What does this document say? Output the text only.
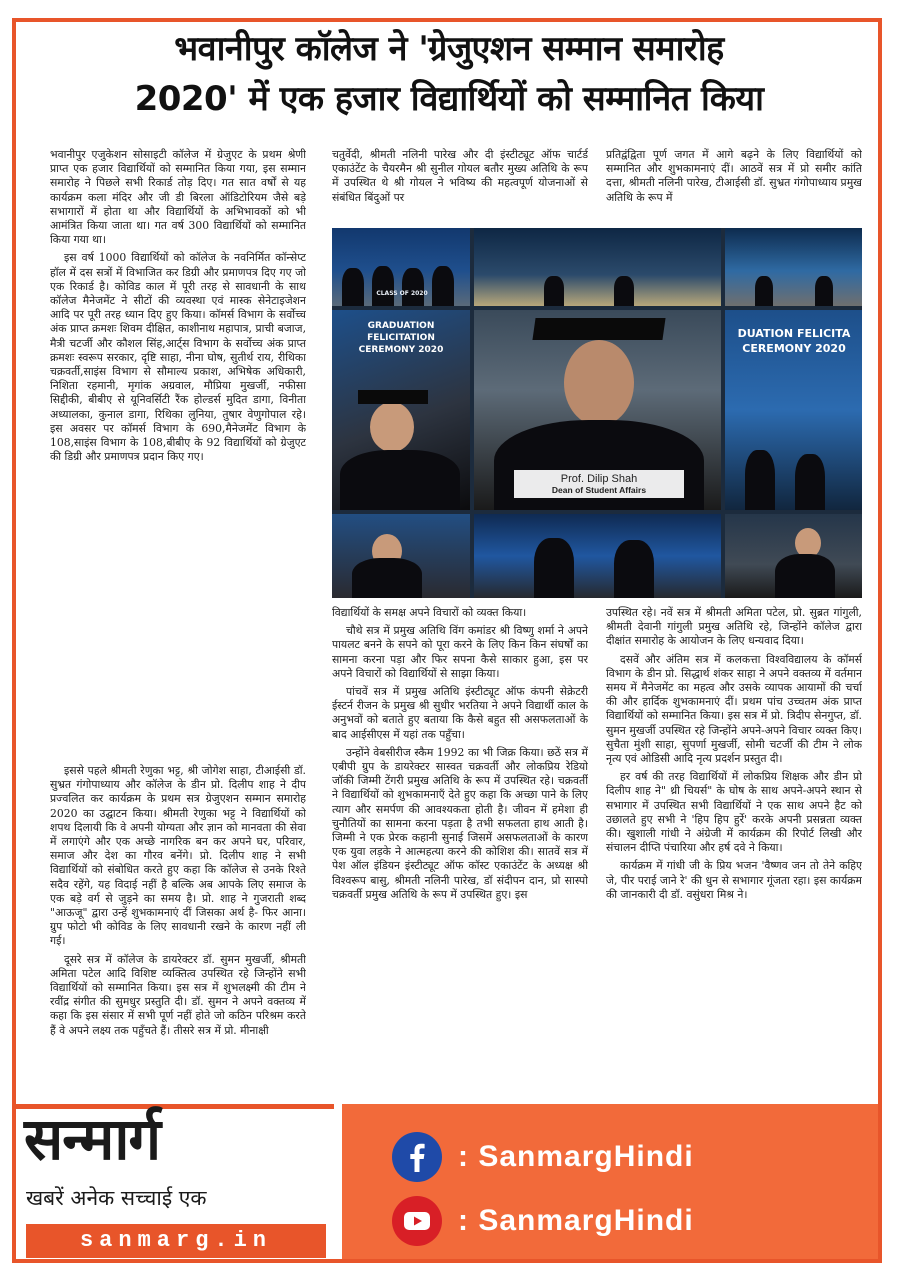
भवानीपुर कॉलेज ने 'ग्रेजुएशन सम्मान समारोह
2020' में एक हजार विद्यार्थियों को सम्मानित किया

भवानीपुर एजुकेशन सोसाइटी कॉलेज में ग्रेजुएट के प्रथम श्रेणी प्राप्त एक हजार विद्यार्थियों को सम्मानित किया गया, इस सम्मान समारोह ने पिछले सभी रिकार्ड तोड़ दिए। गत सात वर्षों से यह कार्यक्रम कला मंदिर और जी डी बिरला ऑडिटोरियम जैसे बड़े सभागारों में होता था और विद्यार्थियों के अभिभावकों को भी आमंत्रित किया जाता था। गत वर्ष 300 विद्यार्थियों को सम्मानित किया गया था।

इस वर्ष 1000 विद्यार्थियों को कॉलेज के नवनिर्मित कॉन्सेप्ट हॉल में दस सत्रों में विभाजित कर डिग्री और प्रमाणपत्र दिए गए जो एक रिकार्ड है। कोविड काल में पूरी तरह से सावधानी के साथ कॉलेज मैनेजमेंट ने सीटों की व्यवस्था एवं मास्क सेनेटाइजेशन आदि पर पूरी तरह ध्यान दिए हुए किया। कॉमर्स विभाग के सर्वोच्च अंक प्राप्त क्रमशः शिवम दीक्षित, काशीनाथ महापात्र, प्राची बजाज, मैत्री चटर्जी और कौशल सिंह,आर्ट्स विभाग के सर्वोच्च अंक प्राप्त क्रमशः स्वरूप सरकार, दृष्टि साहा, नीना घोष, सुतीर्थ राय, रीथिका चक्रवर्ती,साइंस विभाग से सौमाल्य प्रकाश, अभिषेक अधिकारी, निशिता रहमानी, मृगांक अग्रवाल, मौप्रिया मुखर्जी, नफीसा सिद्दीकी, बीबीए से यूनिवर्सिटी रैंक होल्डर्स मुदित डागा, विनीता अध्यालका, कुनाल डागा, रिथिका लुनिया, तुषार वेणुगोपाल रहे। इस अवसर पर कॉमर्स विभाग के 690,मैनेजमेंट विभाग के 108,साइंस विभाग के 108,बीबीए के 92 विद्यार्थियों को ग्रेजुएट की डिग्री और प्रमाणपत्र प्रदान किए गए।

इससे पहले श्रीमती रेणुका भट्ट, श्री जोगेश साहा, टीआईसी डॉ. सुभ्रत गंगोपाध्याय और कॉलेज के डीन प्रो. दिलीप शाह ने दीप प्रज्वलित कर कार्यक्रम के प्रथम सत्र ग्रेजुएशन सम्मान समारोह 2020 का उद्घाटन किया। श्रीमती रेणुका भट्ट ने विद्यार्थियों को शपथ दिलायी कि वे अपनी योग्यता और ज्ञान को मानवता की सेवा में लगाएंगे और एक अच्छे नागरिक बन कर अपने घर, परिवार, समाज और देश का गौरव बनेंगे। प्रो. दिलीप शाह ने सभी विद्यार्थियों को संबोधित करते हुए कहा कि कॉलेज से उनके रिश्ते सदैव रहेंगे, यह विदाई नहीं है बल्कि अब आपके लिए समाज के एक बड़े वर्ग से जुड़ने का समय है। प्रो. शाह ने गुजराती शब्द "आऊजू" द्वारा उन्हें शुभकामनाएं दीं जिसका अर्थ है- फिर आना। ग्रुप फोटो भी कोविड के लिए सावधानी रखने के कारण नहीं ली गई।

दूसरे सत्र में कॉलेज के डायरेक्टर डॉ. सुमन मुखर्जी, श्रीमती अमिता पटेल आदि विशिष्ट व्यक्तित्व उपस्थित रहे जिन्होंने सभी विद्यार्थियों को सम्मानित किया। इस सत्र में शुभलक्ष्मी की टीम ने रवींद्र संगीत की सुमधुर प्रस्तुति दी। डॉ. सुमन ने अपने वक्तव्य में कहा कि इस संसार में सभी पूर्ण नहीं होते जो कठिन परिश्रम करते हैं वे अपने लक्ष्य तक पहुँचते हैं। तीसरे सत्र में प्रो. मीनाक्षी

चतुर्वेदी, श्रीमती नलिनी पारेख और दी इंस्टीट्यूट ऑफ चार्टर्ड एकाउंटेंट के चैयरमैन श्री सुनील गोयल बतौर मुख्य अतिथि के रूप में उपस्थित थे श्री गोयल ने भविष्य की महत्वपूर्ण योजनाओं से संबंधित बिंदुओं पर

प्रतिद्वंद्विता पूर्ण जगत में आगे बढ़ने के लिए विद्यार्थियों को सम्मानित और शुभकामनाएं दीं। आठवें सत्र में प्रो समीर कांति दत्ता, श्रीमती नलिनी पारेख, टीआईसी डॉ. सुभ्रत गंगोपाध्याय प्रमुख अतिथि के रूप में

CLASS OF 2020
GRADUATION FELICITATION CEREMONY 2020
Prof. Dilip Shah
Dean of Student Affairs
DUATION FELICITA CEREMONY 2020

विद्यार्थियों के समक्ष अपने विचारों को व्यक्त किया।

चौथे सत्र में प्रमुख अतिथि विंग कमांडर श्री विष्णु शर्मा ने अपने पायलट बनने के सपने को पूरा करने के लिए किन किन संघर्षों का सामना करना पड़ा और फिर सपना कैसे साकार हुआ, इस पर अपने विचारों को विद्यार्थियों से साझा किया।

पांचवें सत्र में प्रमुख अतिथि इंस्टीट्यूट ऑफ कंपनी सेक्रेटरी ईस्टर्न रीजन के प्रमुख श्री सुधीर भरतिया ने अपने विद्यार्थी काल के अनुभवों को बताते हुए बताया कि कैसे बहुत सी असफलताओं के बाद आईसीएस में यहां तक पहुँचा।

उन्होंने वेबसीरीज स्कैम 1992 का भी जिक्र किया। छठें सत्र में एबीपी ग्रुप के डायरेक्टर सास्वत चक्रवर्ती और लोकप्रिय रेडियो जॉकी जिम्मी टेंगरी प्रमुख अतिथि के रूप में उपस्थित रहे। चक्रवर्ती ने विद्यार्थियों को शुभकामनाएँ देते हुए कहा कि अच्छा पाने के लिए त्याग और समर्पण की आवश्यकता होती है। जीवन में हमेशा ही चुनौतियों का सामना करना पड़ता है तभी सफलता हाथ आती है। जिम्मी ने एक प्रेरक कहानी सुनाई जिसमें असफलताओं के कारण एक युवा लड़के ने आत्महत्या करने की कोशिश की। सातवें सत्र में पेश ऑल इंडियन इंस्टीट्यूट ऑफ कॉस्ट एकाउंटेंट के अध्यक्ष श्री विश्वरूप बासु, श्रीमती नलिनी पारेख, डॉ संदीपन दान, प्रो सास्पो चक्रवर्ती प्रमुख अतिथि के रूप में उपस्थित हुए। इस

उपस्थित रहे। नवें सत्र में श्रीमती अमिता पटेल, प्रो. सुब्रत गांगुली, श्रीमती देवानी गांगुली प्रमुख अतिथि रहे, जिन्होंने कॉलेज द्वारा दीक्षांत समारोह के आयोजन के लिए धन्यवाद दिया।

दसवें और अंतिम सत्र में कलकत्ता विश्वविद्यालय के कॉमर्स विभाग के डीन प्रो. सिद्धार्थ शंकर साहा ने अपने वक्तव्य में वर्तमान समय में मैनेजमेंट का महत्व और उसके व्यापक आयामों की चर्चा की और हार्दिक शुभकामनाएं दीं। प्रथम पांच उच्चतम अंक प्राप्त विद्यार्थियों को सम्मानित किया। इस सत्र में प्रो. त्रिदीप सेनगुप्त, डॉ. सुमन मुखर्जी उपस्थित रहे जिन्होंने अपने-अपने विचार व्यक्त किए। सुचैता मुंशी साहा, सुपर्णा मुखर्जी, सोमी चटर्जी की टीम ने लोक नृत्य एवं ओडिसी आदि नृत्य प्रदर्शन प्रस्तुत दी।

हर वर्ष की तरह विद्यार्थियों में लोकप्रिय शिक्षक और डीन प्रो दिलीप शाह ने" थ्री चियर्स" के घोष के साथ अपने-अपने स्थान से सभागार में उपस्थित सभी विद्यार्थियों ने एक साथ अपने हैट को उछालते हुए सभी ने 'हिप हिप हुर्रे' करके अपनी प्रसन्नता व्यक्त की। खुशाली गांधी ने अंग्रेजी में कार्यक्रम की रिपोर्ट लिखी और संचालन दीप्ति पंचारिया और हर्ष दवे ने किया।

कार्यक्रम में गांधी जी के प्रिय भजन 'वैष्णव जन तो तेने कहिए जे, पीर पराई जाने रे' की धुन से सभागार गूंजता रहा। इस कार्यक्रम की जानकारी दी डॉ. वसुंधरा मिश्र ने।

सन्मार्ग
खबरें अनेक सच्चाई एक
sanmarg.in
: SanmargHindi
: SanmargHindi
